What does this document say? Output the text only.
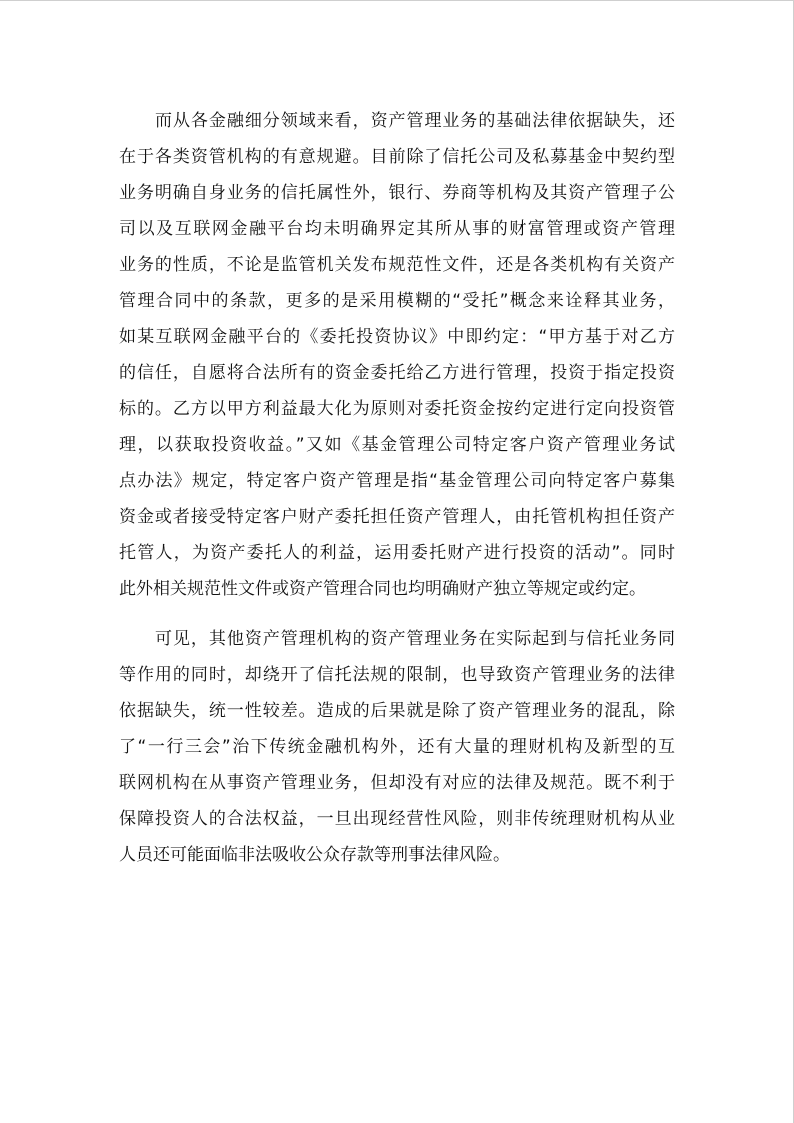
而从各金融细分领域来看，资产管理业务的基础法律依据缺失，还
在于各类资管机构的有意规避。目前除了信托公司及私募基金中契约型
业务明确自身业务的信托属性外，银行、券商等机构及其资产管理子公
司以及互联网金融平台均未明确界定其所从事的财富管理或资产管理
业务的性质，不论是监管机关发布规范性文件，还是各类机构有关资产
管理合同中的条款，更多的是采用模糊的“受托”概念来诠释其业务，
如某互联网金融平台的《委托投资协议》中即约定：“甲方基于对乙方
的信任，自愿将合法所有的资金委托给乙方进行管理，投资于指定投资
标的。乙方以甲方利益最大化为原则对委托资金按约定进行定向投资管
理，以获取投资收益。”又如《基金管理公司特定客户资产管理业务试
点办法》规定，特定客户资产管理是指“基金管理公司向特定客户募集
资金或者接受特定客户财产委托担任资产管理人，由托管机构担任资产
托管人，为资产委托人的利益，运用委托财产进行投资的活动”。同时
此外相关规范性文件或资产管理合同也均明确财产独立等规定或约定。
可见，其他资产管理机构的资产管理业务在实际起到与信托业务同
等作用的同时，却绕开了信托法规的限制，也导致资产管理业务的法律
依据缺失，统一性较差。造成的后果就是除了资产管理业务的混乱，除
了“一行三会”治下传统金融机构外，还有大量的理财机构及新型的互
联网机构在从事资产管理业务，但却没有对应的法律及规范。既不利于
保障投资人的合法权益，一旦出现经营性风险，则非传统理财机构从业
人员还可能面临非法吸收公众存款等刑事法律风险。
